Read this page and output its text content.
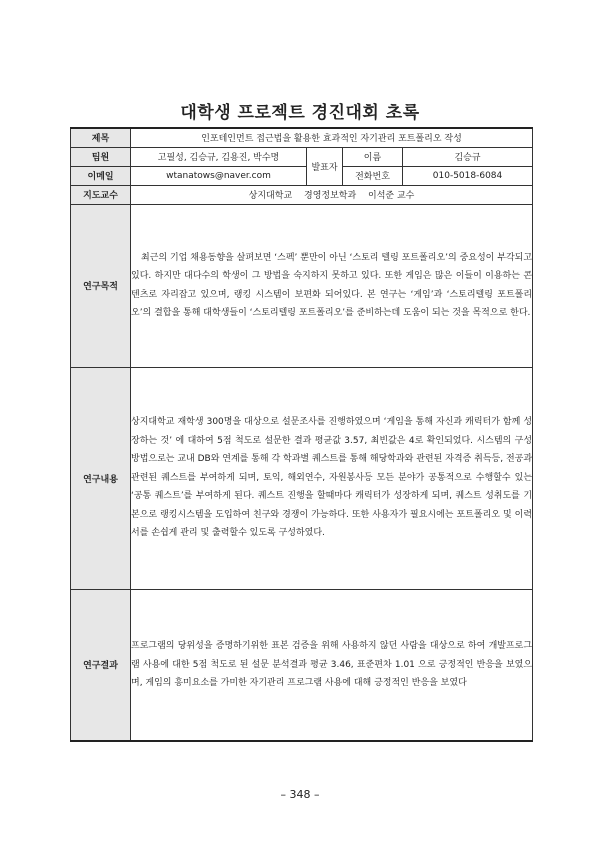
대학생 프로젝트 경진대회 초록
제목	인포테인먼트 접근법을 활용한 효과적인 자기관리 포트폴리오 작성			
팀원	고필성, 김승규, 김용진, 박수명	발표자	이름	김승규
이메일	wtanatows@naver.com		전화번호	010-5018-6084
지도교수	상지대학교　 경영정보학과　 이석준 교수			
연구목적	최근의 기업 채용동향을 살펴보면 ‘스펙’ 뿐만이 아닌 ‘스토리 텔링 포트폴리오’의 중요성이 부각되고 있다. 하지만 대다수의 학생이 그 방법을 숙지하지 못하고 있다. 또한 게임은 많은 이들이 이용하는 콘텐츠로 자리잡고 있으며, 랭킹 시스템이 보편화 되어있다. 본 연구는 ‘게임’과 ‘스토리텔링 포트폴리오’의 결합을 통해 대학생들이 ‘스토리텔링 포트폴리오’를 준비하는데 도움이 되는 것을 목적으로 한다.			

연구내용	상지대학교 재학생 300명을 대상으로 설문조사를 진행하였으며 ‘게임을 통해 자신과 캐릭터가 함께 성장하는 것’ 에 대하여 5점 척도로 설문한 결과 평균값 3.57, 최빈값은 4로 확인되었다. 시스템의 구성방법으로는 교내 DB와 연계를 통해 각 학과별 퀘스트를 통해 해당학과와 관련된 자격증 취득등, 전공과 관련된 퀘스트를 부여하게 되며, 토익, 해외연수, 자원봉사등 모든 분야가 공통적으로 수행할수 있는 ‘공통 퀘스트’를 부여하게 된다. 퀘스트 진행을 할때마다 캐릭터가 성장하게 되며, 퀘스트 성취도를 기본으로 랭킹시스템을 도입하여 친구와 경쟁이 가능하다. 또한 사용자가 필요시에는 포트폴리오 및 이력서를 손쉽게 관리 및 출력할수 있도록 구성하였다.			

연구결과	프로그램의 당위성을 증명하기위한 표본 검증을 위해 사용하지 않던 사람을 대상으로 하여 개발프로그램 사용에 대한 5점 척도로 된 설문 분석결과 평균 3.46, 표준편차 1.01 으로 긍정적인 반응을 보였으며, 게임의 흥미요소를 가미한 자기관리 프로그램 사용에 대해 긍정적인 반응을 보였다			

– 348 –
